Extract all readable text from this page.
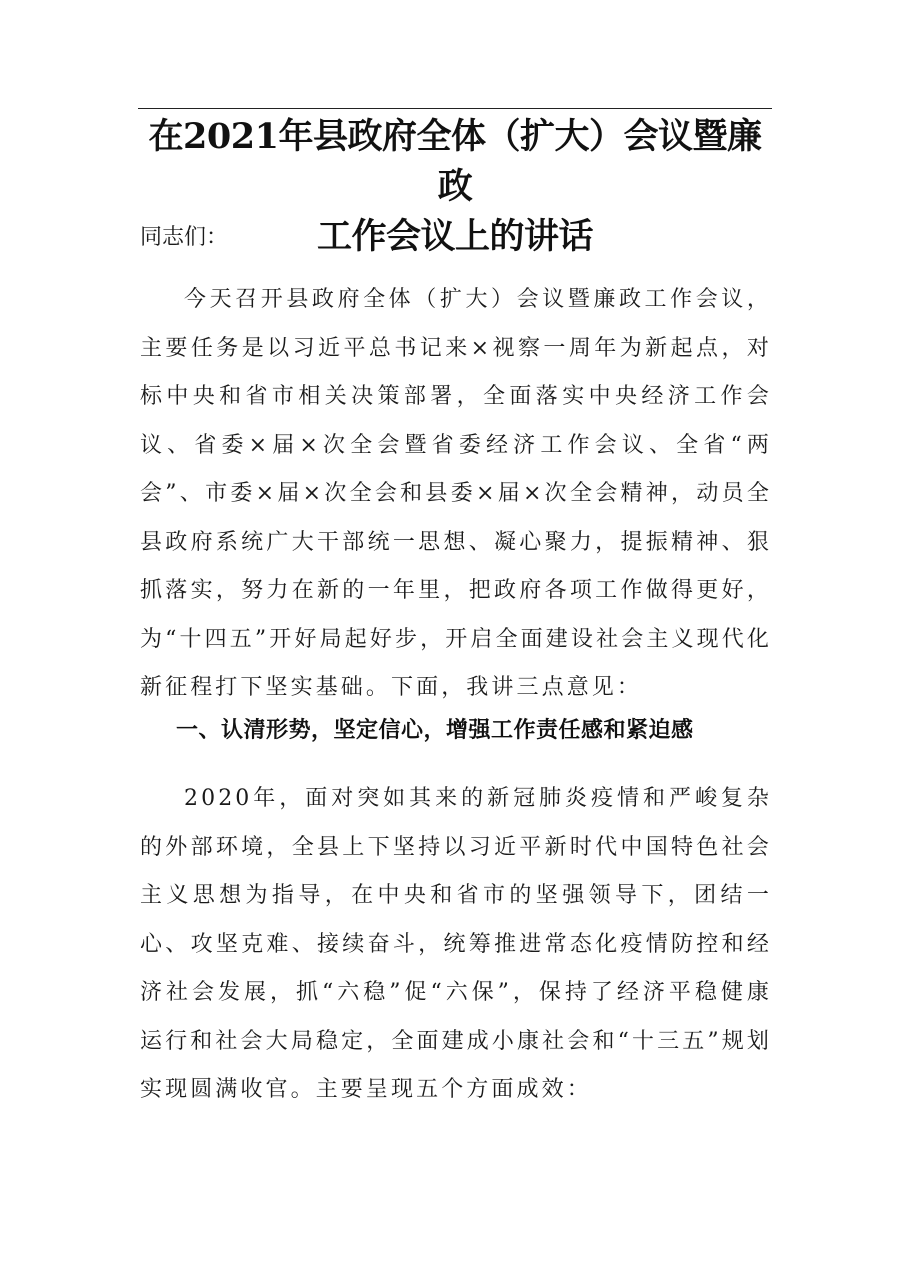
在2021年县政府全体（扩大）会议暨廉政
工作会议上的讲话
同志们：

今天召开县政府全体（扩大）会议暨廉政工作会议，主要任务是以习近平总书记来×视察一周年为新起点，对标中央和省市相关决策部署，全面落实中央经济工作会议、省委×届×次全会暨省委经济工作会议、全省“两会”、市委×届×次全会和县委×届×次全会精神，动员全县政府系统广大干部统一思想、凝心聚力，提振精神、狠抓落实，努力在新的一年里，把政府各项工作做得更好，为“十四五”开好局起好步，开启全面建设社会主义现代化新征程打下坚实基础。下面，我讲三点意见：

一、认清形势，坚定信心，增强工作责任感和紧迫感

2020年，面对突如其来的新冠肺炎疫情和严峻复杂的外部环境，全县上下坚持以习近平新时代中国特色社会主义思想为指导，在中央和省市的坚强领导下，团结一心、攻坚克难、接续奋斗，统筹推进常态化疫情防控和经济社会发展，抓“六稳”促“六保”，保持了经济平稳健康运行和社会大局稳定，全面建成小康社会和“十三五”规划实现圆满收官。主要呈现五个方面成效：
